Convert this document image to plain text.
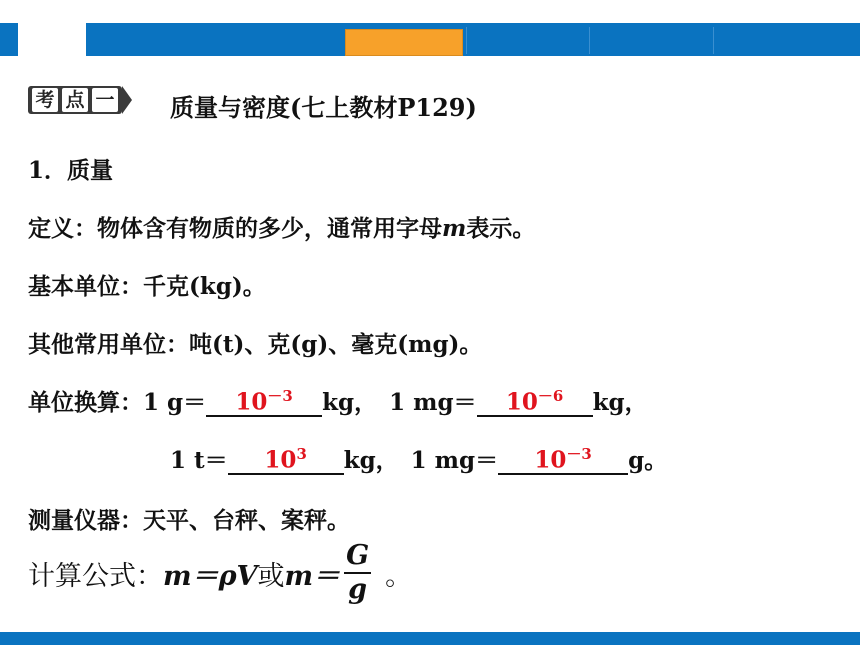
考 点 一 质量与密度(七上教材P129)
1．质量
定义：物体含有物质的多少，通常用字母m表示。
基本单位：千克(kg)。
其他常用单位：吨(t)、克(g)、毫克(mg)。
单位换算：1 $g= 10^{-3}$ kg， 1 $mg= 10^{-6}$ kg，
1 $t= 10^3$ kg， 1 $mg= 10^{-3}$ g。
测量仪器：天平、台秤、案秤。
计算公式： m＝ρV 或 $m= \frac{G}{g}$ 。
